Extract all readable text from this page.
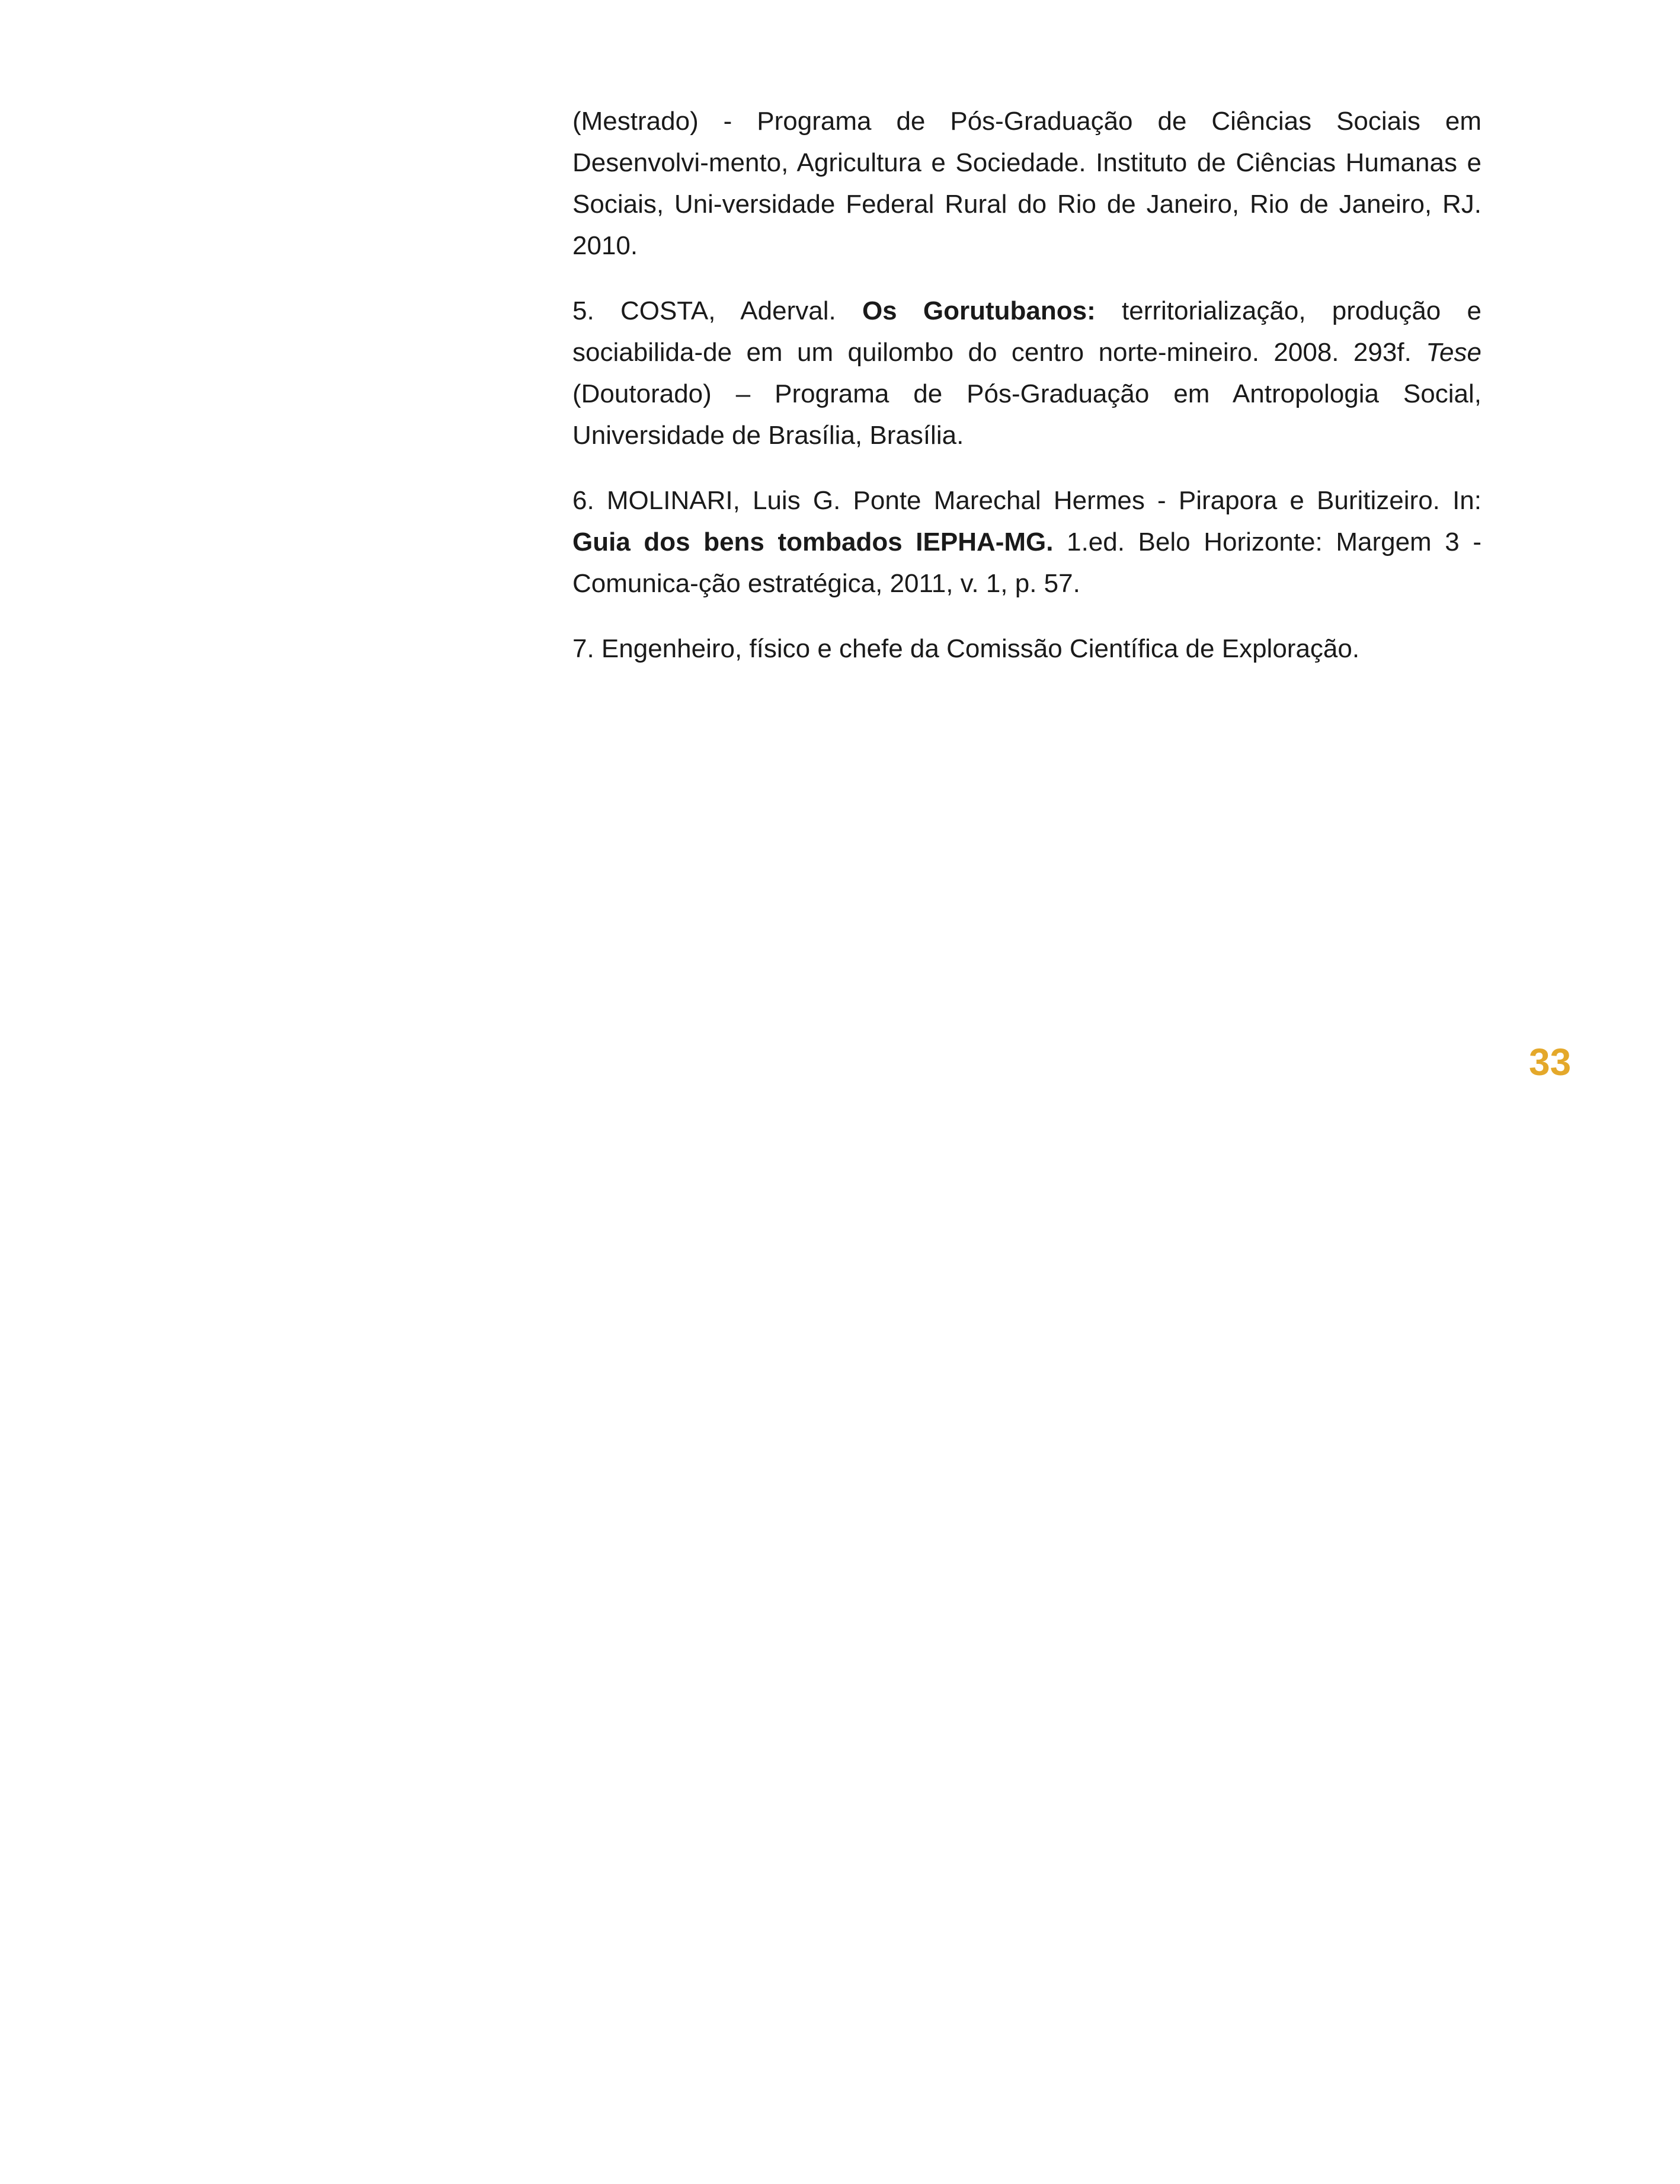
(Mestrado) - Programa de Pós-Graduação de Ciências Sociais em Desenvolvi-mento, Agricultura e Sociedade. Instituto de Ciências Humanas e Sociais, Uni-versidade Federal Rural do Rio de Janeiro, Rio de Janeiro, RJ. 2010.

5. COSTA, Aderval. Os Gorutubanos: territorialização, produção e sociabilida-de em um quilombo do centro norte-mineiro. 2008. 293f. Tese (Doutorado) – Programa de Pós-Graduação em Antropologia Social, Universidade de Brasília, Brasília.

6. MOLINARI, Luis G. Ponte Marechal Hermes - Pirapora e Buritizeiro. In: Guia dos bens tombados IEPHA-MG. 1.ed. Belo Horizonte: Margem 3 - Comunica-ção estratégica, 2011, v. 1, p. 57.

7. Engenheiro, físico e chefe da Comissão Científica de Exploração.

33
